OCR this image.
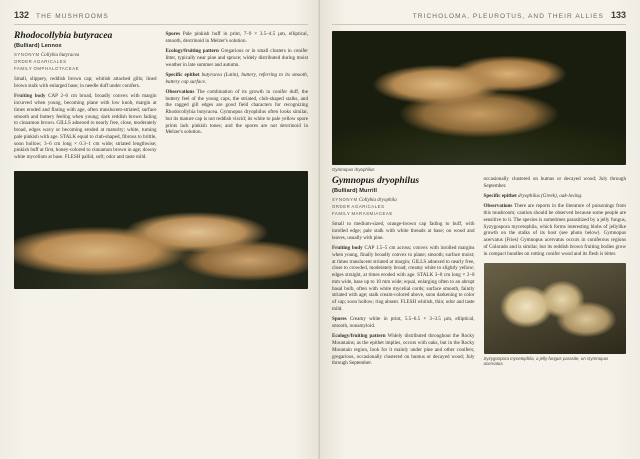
132 THE MUSHROOMS
Rhodocollybia butyracea
(Bulliard) Lennox
SYNONYM Collybia butyracea
ORDER AGARICALES
FAMILY OMPHALOTACEAE

Small, slippery, reddish brown cap; whitish attached gills; lined brown stalk with enlarged base; in needle duff under conifers.

Fruiting body CAP 2–6 cm broad, broadly convex with margin incurved when young, becoming plane with low knob, margin at times eroded and flaring with age, often translucent-striated; surface smooth and buttery feeling when young; dark reddish brown fading to cinnamon brown. GILLS adnexed to nearly free, close, moderately broad, edges wavy or becoming eroded at maturity; white, turning pale pinkish with age. STALK equal to club-shaped, fibrous to brittle, soon hollow; 3–6 cm long × 0.3–1 cm wide; striated lengthwise; pinkish buff at first, honey-colored to cinnamon brown in age; downy white mycelium at base. FLESH pallid, soft; odor and taste mild.

Spores Pale pinkish buff in print, 7–9 × 3.5–4.5 µm, elliptical, smooth, dextrinoid in Melzer's solution.

Ecology/fruiting pattern Gregarious or in small clusters in conifer litter, typically near pine and spruce; widely distributed during moist weather in late summer and autumn.

Specific epithet butyracea (Latin), buttery, referring to its smooth, buttery cap surface.

Observations The combination of its growth in conifer duff, the buttery feel of the young caps, the striated, club-shaped stalks, and the ragged gill edges are good field characters for recognizing Rhodocollybia butyracea. Gymnopus dryophilus often looks similar, but its mature cap is not reddish viscid; its white to pale yellow spore prints lack pinkish tones; and the spores are not dextrinoid in Melzer's solution.

TRICHOLOMA, PLEUROTUS, AND THEIR ALLIES 133
Gymnopus dryophilus
Gymnopus dryophilus
(Bulliard) Murrill
SYNONYM Collybia dryophila
ORDER AGARICALES
FAMILY MARASMIACEAE

Small to medium-sized, orange-brown cap fading to buff, with inrolled edge; pale stalk with white threads at base; on wood and leaves, usually with pine.

Fruiting body CAP 1.5–5 cm across; convex with inrolled margins when young, finally broadly convex to plane; smooth; surface moist; at times translucent striated at margin; GILLS adnexed to nearly free, close to crowded, moderately broad; creamy white to slightly yellow; edges straight, at times eroded with age. STALK 3–8 cm long × 2–8 mm wide, base up to 10 mm wide; equal, enlarging often to an abrupt basal bulb, often with white mycelial cords; surface smooth, faintly striated with age; stalk cream-colored above, soon darkening to color of cap; soon hollow; ring absent. FLESH whitish, thin; odor and taste mild.

Spores Creamy white in print, 5.5–6.5 × 3–3.5 µm, elliptical, smooth, nonamyloid.

Ecology/fruiting pattern Widely distributed throughout the Rocky Mountains; as the epithet implies, occurs with oaks, but in the Rocky Mountain region, look for it mainly under pine and other conifers; gregarious, occasionally clustered on humus or decayed wood; July through September.

occasionally clustered on humus or decayed wood; July through September.

Specific epithet dryophilus (Greek), oak-loving.

Observations There are reports in the literature of poisonings from this mushroom; caution should be observed because some people are sensitive to it. The species is sometimes parasitized by a jelly fungus, Syzygospora mycetophila, which forms interesting blobs of jellylike growth on the stalks of its host (see photo below). Gymnopus acervatus (Fries) Gymnopus acervatus occurs in coniferous regions of Colorado and is similar, but its reddish brown fruiting bodies grow in compact bundles on rotting conifer wood and its flesh is bitter.

Syzygospora mycetophila, a jelly fungus parasite, on Gymnopus acervatus.
